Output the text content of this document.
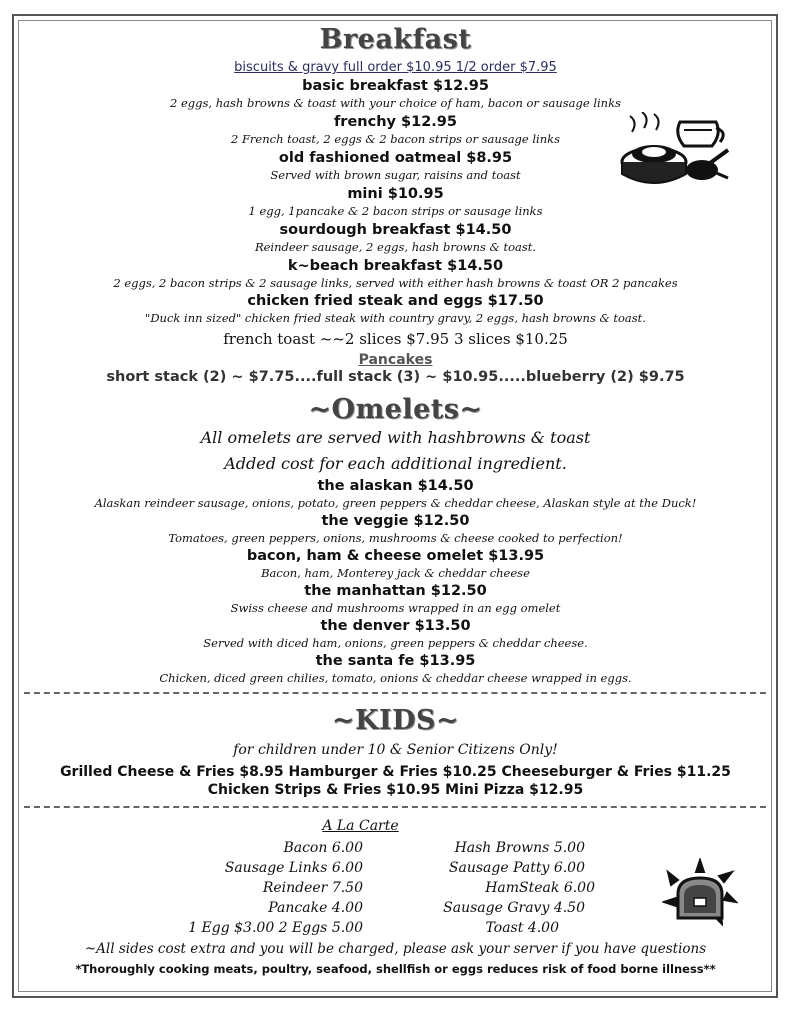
Breakfast
biscuits & gravy full order $10.95 1/2 order $7.95
basic breakfast $12.95
2 eggs, hash browns & toast with your choice of ham, bacon or sausage links
frenchy $12.95
2 French toast, 2 eggs & 2 bacon strips or sausage links
old fashioned oatmeal $8.95
Served with brown sugar, raisins and toast
mini $10.95
1 egg, 1pancake & 2 bacon strips or sausage links
sourdough breakfast $14.50
Reindeer sausage, 2 eggs, hash browns & toast.
k~beach breakfast $14.50
2 eggs, 2 bacon strips & 2 sausage links, served with either hash browns & toast OR 2 pancakes
chicken fried steak and eggs $17.50
"Duck inn sized" chicken fried steak with country gravy, 2 eggs, hash browns & toast.
french toast ~~2 slices $7.95 3 slices $10.25
Pancakes
short stack (2) ~ $7.75....full stack (3) ~ $10.95.....blueberry (2) $9.75
~Omelets~
All omelets are served with hashbrowns & toast
Added cost for each additional ingredient.
the alaskan $14.50
Alaskan reindeer sausage, onions, potato, green peppers & cheddar cheese, Alaskan style at the Duck!
the veggie $12.50
Tomatoes, green peppers, onions, mushrooms & cheese cooked to perfection!
bacon, ham & cheese omelet $13.95
Bacon, ham, Monterey jack & cheddar cheese
the manhattan $12.50
Swiss cheese and mushrooms wrapped in an egg omelet
the denver $13.50
Served with diced ham, onions, green peppers & cheddar cheese.
the santa fe $13.95
Chicken, diced green chilies, tomato, onions & cheddar cheese wrapped in eggs.
~KIDS~
for children under 10 & Senior Citizens Only!
Grilled Cheese & Fries $8.95 Hamburger & Fries $10.25 Cheeseburger & Fries $11.25
Chicken Strips & Fries $10.95 Mini Pizza $12.95
A La Carte
Bacon 6.00
Sausage Links 6.00
Reindeer 7.50
Pancake 4.00
1 Egg $3.00 2 Eggs 5.00
Hash Browns 5.00
Sausage Patty 6.00
HamSteak 6.00
Sausage Gravy 4.50
Toast 4.00
~All sides cost extra and you will be charged, please ask your server if you have questions
*Thoroughly cooking meats, poultry, seafood, shellfish or eggs reduces risk of food borne illness**
